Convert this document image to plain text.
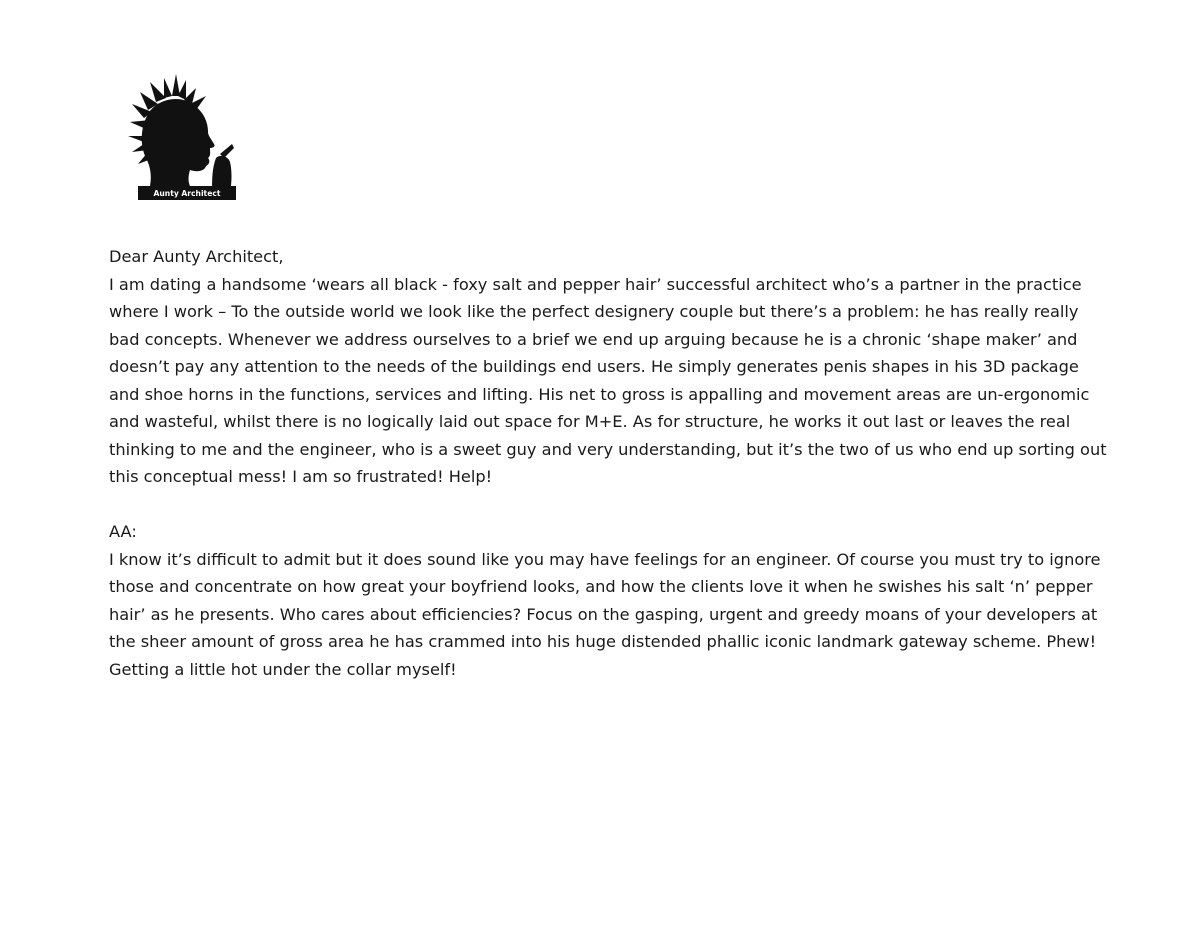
Aunty Architect

Dear Aunty Architect,

I am dating a handsome ‘wears all black - foxy salt and pepper hair’ successful architect who’s a partner in the practice where I work – To the outside world we look like the perfect designery couple but there’s a problem: he has really really bad concepts. Whenever we address ourselves to a brief we end up arguing because he is a chronic ‘shape maker’ and doesn’t pay any attention to the needs of the buildings end users. He simply generates penis shapes in his 3D package and shoe horns in the functions, services and lifting. His net to gross is appalling and movement areas are un-ergonomic and wasteful, whilst there is no logically laid out space for M+E. As for structure, he works it out last or leaves the real thinking to me and the engineer, who is a sweet guy and very understanding, but it’s the two of us who end up sorting out this conceptual mess! I am so frustrated! Help!

AA:

I know it’s difficult to admit but it does sound like you may have feelings for an engineer. Of course you must try to ignore those and concentrate on how great your boyfriend looks, and how the clients love it when he swishes his salt ‘n’ pepper hair’ as he presents. Who cares about efficiencies? Focus on the gasping, urgent and greedy moans of your developers at the sheer amount of gross area he has crammed into his huge distended phallic iconic landmark gateway scheme. Phew! Getting a little hot under the collar myself!
